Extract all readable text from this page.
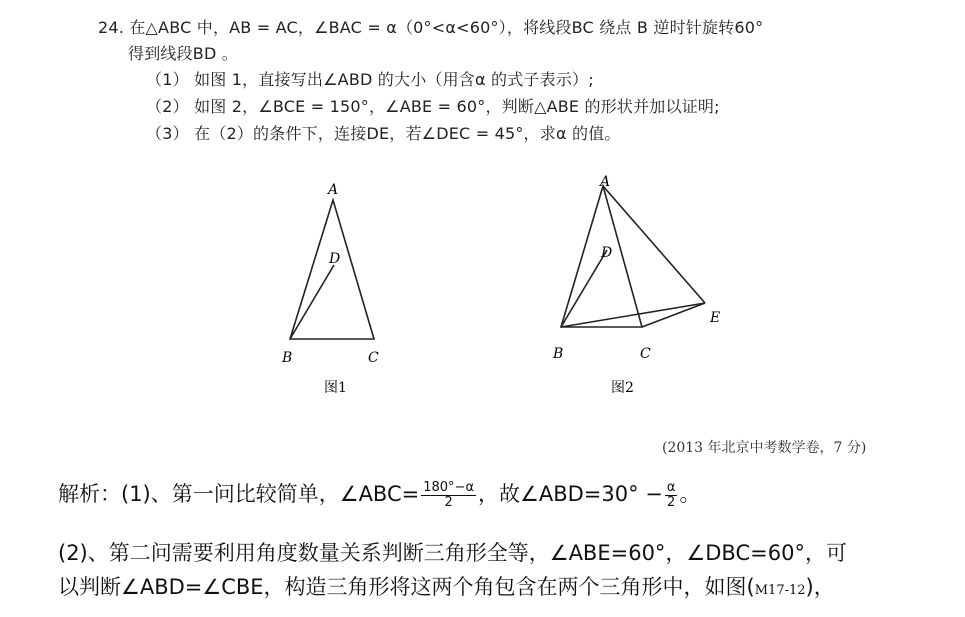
24. 在△ABC 中，AB = AC，∠BAC = α（0°<α<60°），将线段BC 绕点 B 逆时针旋转60°
得到线段BD 。
（1） 如图 1，直接写出∠ABD 的大小（用含α 的式子表示）;
（2） 如图 2，∠BCE = 150°，∠ABE = 60°，判断△ABE 的形状并加以证明;
（3） 在（2）的条件下，连接DE，若∠DEC = 45°，求α 的值。
A
D
B	C
图1
A
D
E
B	C
图2
(2013 年北京中考数学卷，7 分)
解析：(1)、第一问比较简单，∠ABC= $\frac{180^\circ-\alpha}{2}$ ，故∠ABD=30° − $\frac{\alpha}{2}$ 。
(2)、第二问需要利用角度数量关系判断三角形全等，∠ABE=60°，∠DBC=60°，可
以判断∠ABD=∠CBE，构造三角形将这两个角包含在两个三角形中，如图(M17-12)，
